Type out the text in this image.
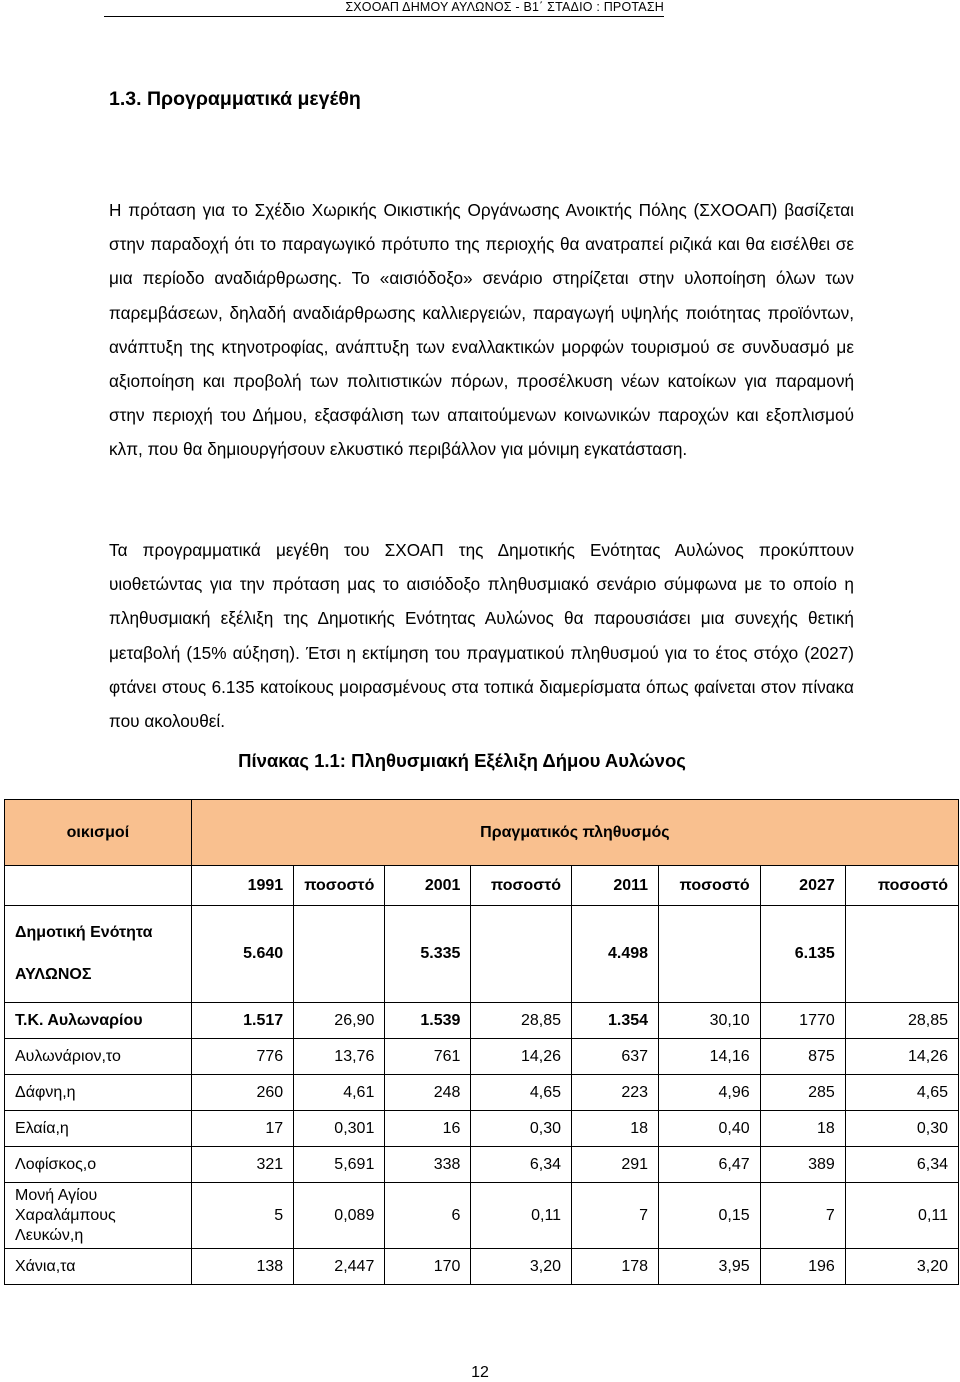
ΣΧΟΟΑΠ ΔΗΜΟΥ ΑΥΛΩΝΟΣ - Β1΄ ΣΤΑΔΙΟ : ΠΡΟΤΑΣΗ
1.3. Προγραμματικά μεγέθη
Η πρόταση για το Σχέδιο Χωρικής Οικιστικής Οργάνωσης Ανοικτής Πόλης (ΣΧΟΟΑΠ) βασίζεται στην παραδοχή ότι το παραγωγικό πρότυπο της περιοχής θα ανατραπεί ριζικά και θα εισέλθει σε μια περίοδο αναδιάρθρωσης. Το «αισιόδοξο» σενάριο στηρίζεται στην υλοποίηση όλων των παρεμβάσεων, δηλαδή αναδιάρθρωσης καλλιεργειών, παραγωγή υψηλής ποιότητας προϊόντων, ανάπτυξη της κτηνοτροφίας, ανάπτυξη των εναλλακτικών μορφών τουρισμού σε συνδυασμό με αξιοποίηση και προβολή των πολιτιστικών πόρων, προσέλκυση νέων κατοίκων για παραμονή στην περιοχή του Δήμου, εξασφάλιση των απαιτούμενων κοινωνικών παροχών και εξοπλισμού κλπ, που θα δημιουργήσουν ελκυστικό περιβάλλον για μόνιμη εγκατάσταση.
Τα προγραμματικά μεγέθη του ΣΧΟΑΠ της Δημοτικής Ενότητας Αυλώνος προκύπτουν υιοθετώντας για την πρόταση μας το αισιόδοξο πληθυσμιακό σενάριο σύμφωνα με το οποίο η πληθυσμιακή εξέλιξη της Δημοτικής Ενότητας Αυλώνος θα παρουσιάσει μια συνεχής θετική μεταβολή (15% αύξηση). Έτσι η εκτίμηση του πραγματικού πληθυσμού για το έτος στόχο (2027) φτάνει στους 6.135 κατοίκους μοιρασμένους στα τοπικά διαμερίσματα όπως φαίνεται στον πίνακα που ακολουθεί.
Πίνακας 1.1: Πληθυσμιακή Εξέλιξη Δήμου Αυλώνος
οικισμοί	Πραγματικός πληθυσμός							
	1991	ποσοστό	2001	ποσοστό	2011	ποσοστό	2027	ποσοστό
Δημοτική Ενότητα
ΑΥΛΩΝΟΣ	5.640		5.335		4.498		6.135	
Τ.Κ. Αυλωναρίου	1.517	26,90	1.539	28,85	1.354	30,10	1770	28,85
Αυλωνάριον,το	776	13,76	761	14,26	637	14,16	875	14,26
Δάφνη,η	260	4,61	248	4,65	223	4,96	285	4,65
Ελαία,η	17	0,301	16	0,30	18	0,40	18	0,30
Λοφίσκος,ο	321	5,691	338	6,34	291	6,47	389	6,34
Μονή Αγίου Χαραλάμπους Λευκών,η	5	0,089	6	0,11	7	0,15	7	0,11
Χάνια,τα	138	2,447	170	3,20	178	3,95	196	3,20
12
